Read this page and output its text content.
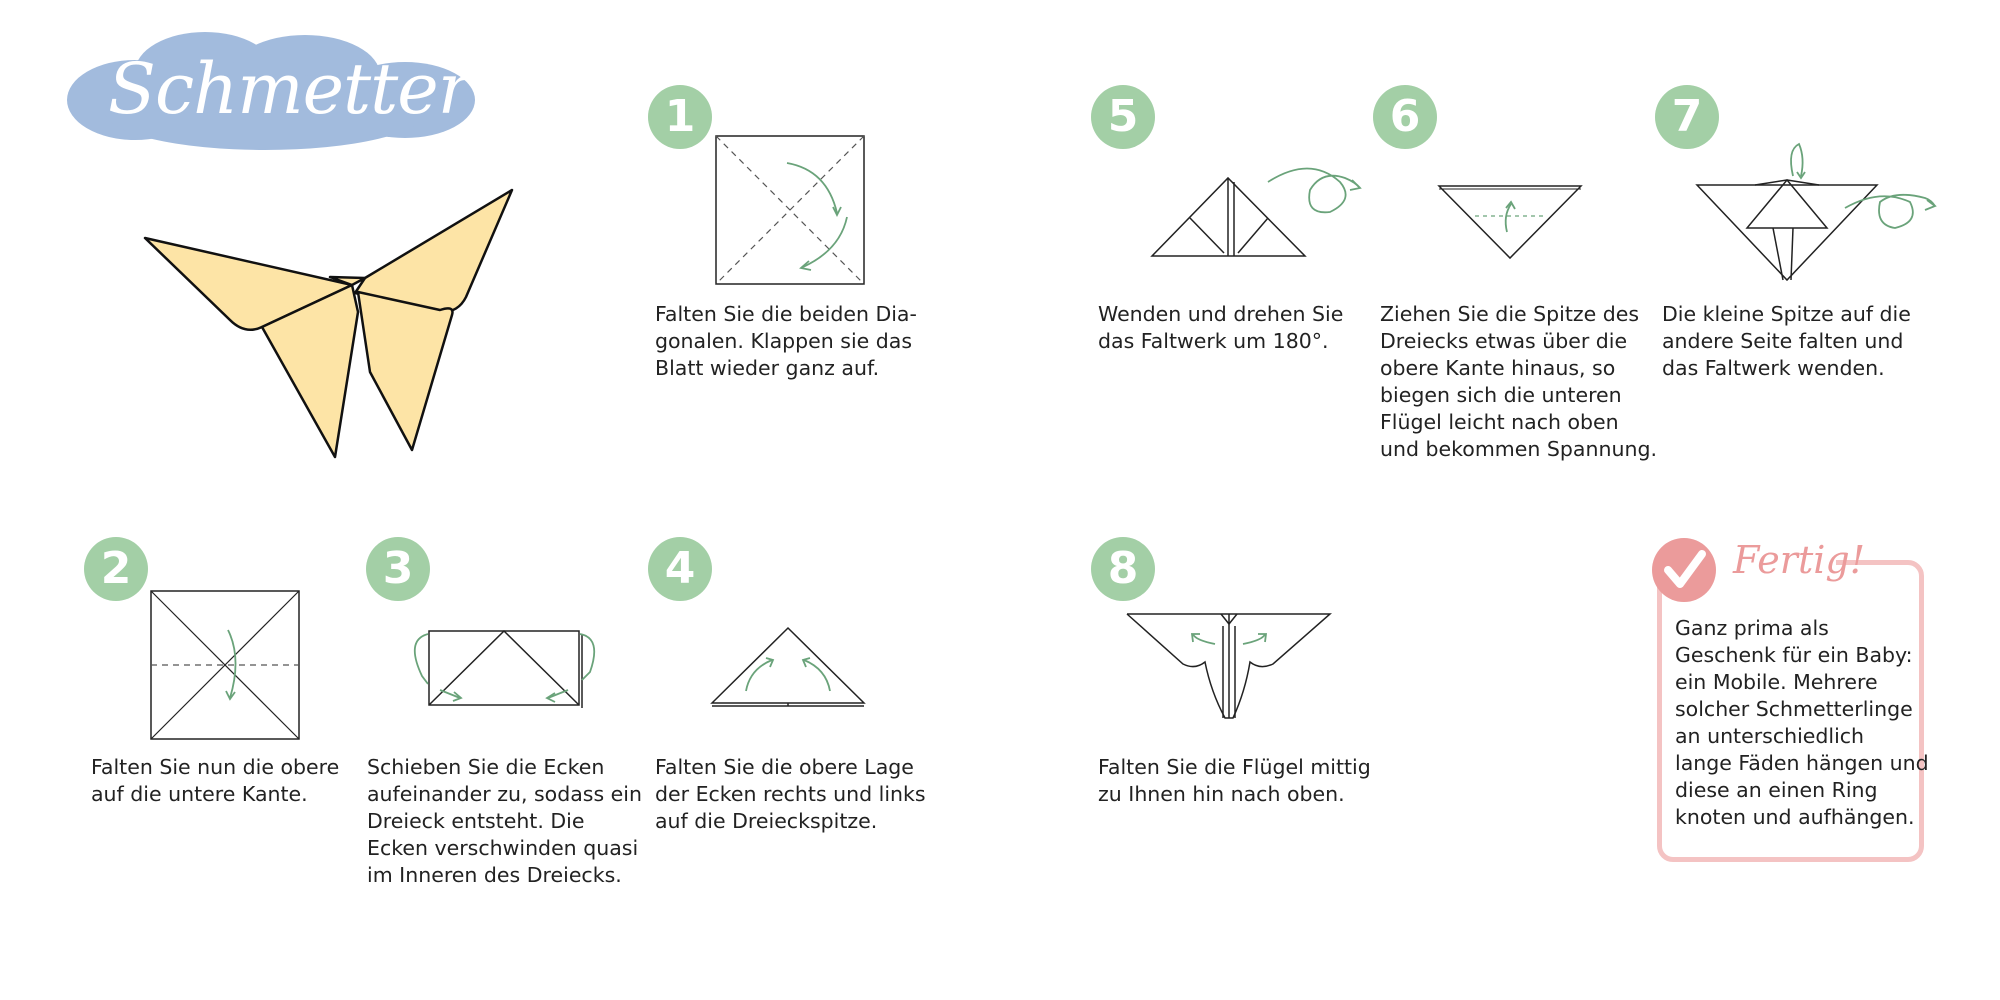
Schmetterling	1
Falten Sie die beiden Dia-
gonalen. Klappen sie das
Blatt wieder ganz auf.
5
Wenden und drehen Sie
das Faltwerk um 180°.
6
Ziehen Sie die Spitze des
Dreiecks etwas über die
obere Kante hinaus, so
biegen sich die unteren
Flügel leicht nach oben
und bekommen Spannung.
7
Die kleine Spitze auf die
andere Seite falten und
das Faltwerk wenden.
2
Falten Sie nun die obere
auf die untere Kante.
3
Schieben Sie die Ecken
aufeinander zu, sodass ein
Dreieck entsteht. Die
Ecken verschwinden quasi
im Inneren des Dreiecks.
4
Falten Sie die obere Lage
der Ecken rechts und links
auf die Dreieckspitze.
8
Falten Sie die Flügel mittig
zu Ihnen hin nach oben.
Fertig!
Ganz prima als
Geschenk für ein Baby:
ein Mobile. Mehrere
solcher Schmetterlinge
an unterschiedlich
lange Fäden hängen und
diese an einen Ring
knoten und aufhängen.
